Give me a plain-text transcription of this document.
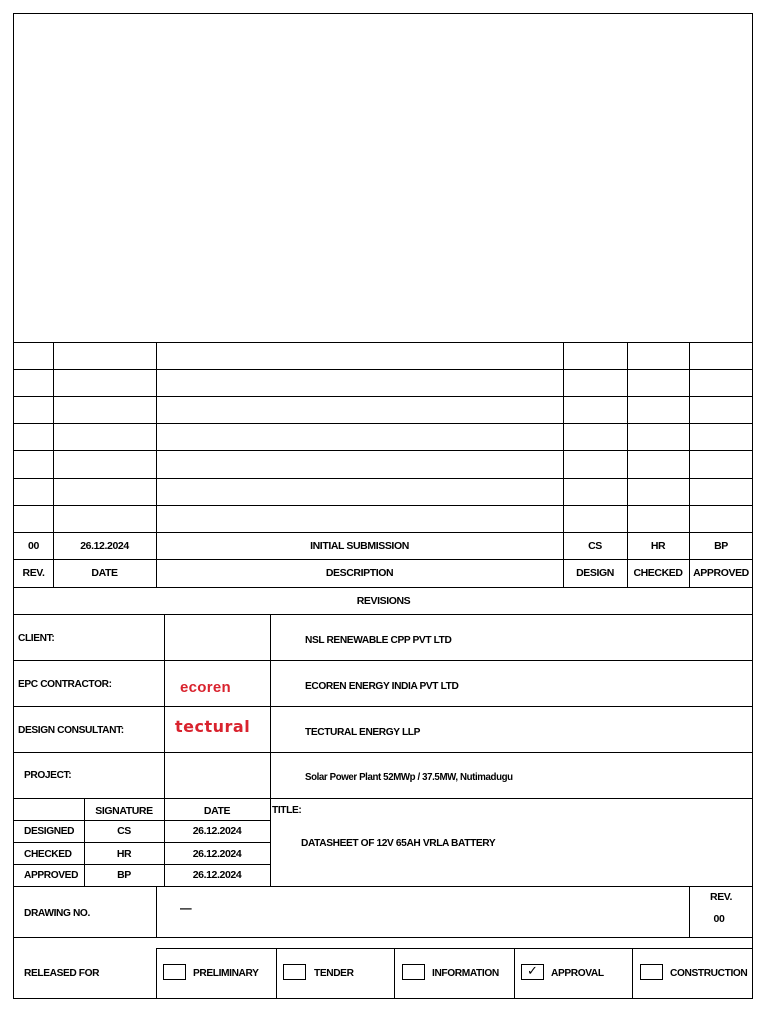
00	26.12.2024	INITIAL SUBMISSION	CS	HR	BP
REV.	DATE	DESCRIPTION	DESIGN	CHECKED	APPROVED
REVISIONS
CLIENT:	NSL RENEWABLE CPP PVT LTD
EPC CONTRACTOR:	ecoren	ECOREN ENERGY INDIA PVT LTD
DESIGN CONSULTANT:	tectural	TECTURAL ENERGY LLP
PROJECT:	Solar Power Plant 52MWp / 37.5MW, Nutimadugu
SIGNATURE	DATE
DESIGNED	CS	26.12.2024
CHECKED	HR	26.12.2024
APPROVED	BP	26.12.2024
TITLE:
DATASHEET OF 12V 65AH VRLA BATTERY
DRAWING NO.	—
REV.
00
RELEASED FOR	PRELIMINARY	TENDER	INFORMATION	✓	APPROVAL	CONSTRUCTION
